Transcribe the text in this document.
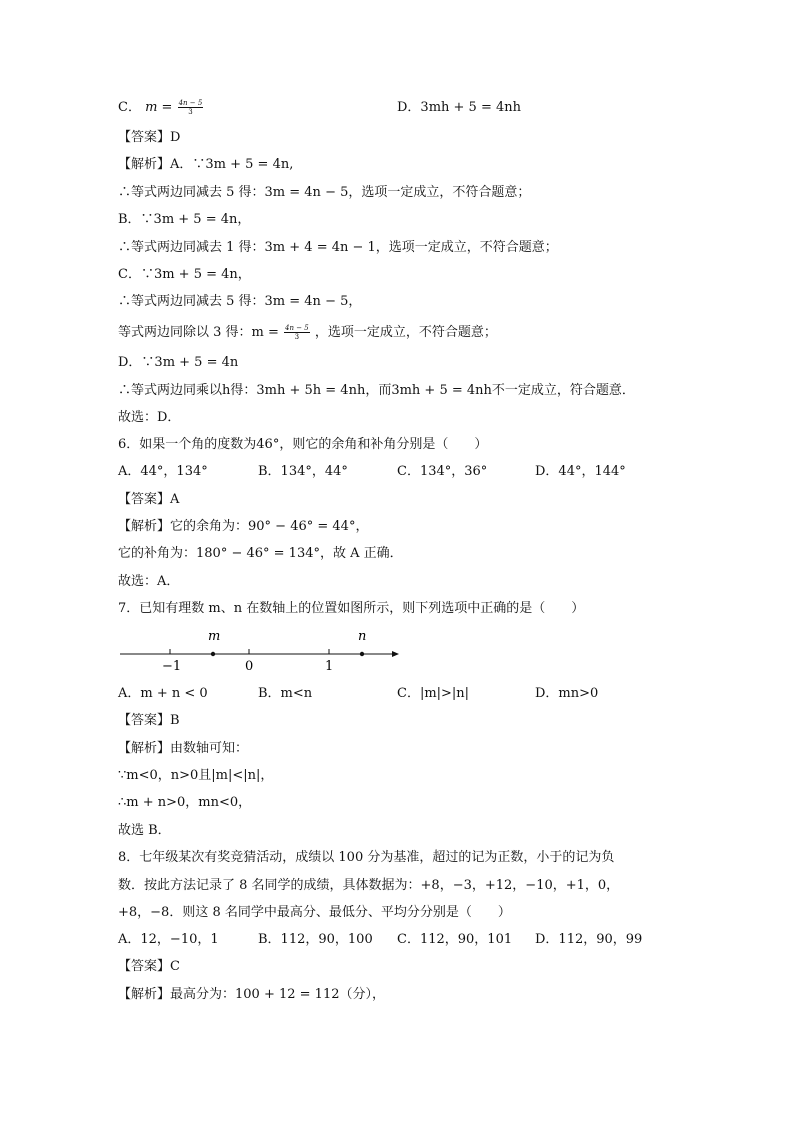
C． $m = \frac{4n - 5}{3}$	D．3mh + 5 = 4nh
【答案】D
【解析】A．∵3m + 5 = 4n,
∴等式两边同减去 5 得：3m = 4n − 5，选项一定成立，不符合题意；
B．∵3m + 5 = 4n，
∴等式两边同减去 1 得：3m + 4 = 4n − 1，选项一定成立，不符合题意；
C．∵3m + 5 = 4n，
∴等式两边同减去 5 得：3m = 4n − 5，
等式两边同除以 3 得：$m = \frac{4n - 5}{3}$ ，选项一定成立，不符合题意；
D．∵3m + 5 = 4n
∴等式两边同乘以h得：3mh + 5h = 4nh，而3mh + 5 = 4nh不一定成立，符合题意．
故选：D．
6．如果一个角的度数为46°，则它的余角和补角分别是（　　）
A．44°，134°	B．134°，44°	C．134°，36°	D．44°，144°
【答案】A
【解析】它的余角为：90° − 46° = 44°，
它的补角为：180° − 46° = 134°，故 A 正确．
故选：A．
7．已知有理数 m、n 在数轴上的位置如图所示，则下列选项中正确的是（　　）
m	n
−1	0	1
A．m + n < 0	B．m<n	C．|m|>|n|	D．mn>0
【答案】B
【解析】由数轴可知：
∵m<0，n>0且|m|<|n|，
∴m + n>0，mn<0，
故选 B．
8．七年级某次有奖竞猜活动，成绩以 100 分为基准，超过的记为正数，小于的记为负
数．按此方法记录了 8 名同学的成绩，具体数据为：+8，−3，+12，−10，+1，0，
+8，−8．则这 8 名同学中最高分、最低分、平均分分别是（　　）
A．12，−10，1	B．112，90，100 C．112，90，101 D．112，90，99
【答案】C
【解析】最高分为：100 + 12 = 112（分），
